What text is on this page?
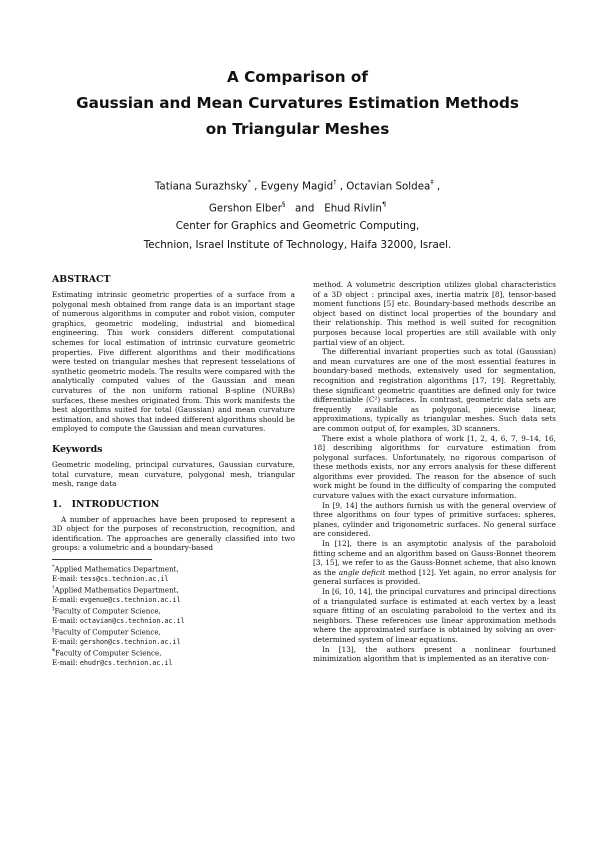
A Comparison of
Gaussian and Mean Curvatures Estimation Methods
on Triangular Meshes
Tatiana Surazhsky* , Evgeny Magid† , Octavian Soldea‡ ,
Gershon Elber§   and   Ehud Rivlin¶
Center for Graphics and Geometric Computing,
Technion, Israel Institute of Technology, Haifa 32000, Israel.
ABSTRACT

Estimating intrinsic geometric properties of a surface from a polygonal mesh obtained from range data is an important stage of numerous algorithms in computer and robot vision, computer graphics, geometric modeling, industrial and biomedical engineering. This work considers different computational schemes for local estimation of intrinsic curvature geometric properties. Five different algorithms and their modifications were tested on triangular meshes that represent tesselations of synthetic geometric models. The results were compared with the analytically computed values of the Gaussian and mean curvatures of the non uniform rational B-spline (NURBs) surfaces, these meshes originated from. This work manifests the best algorithms suited for total (Gaussian) and mean curvature estimation, and shows that indeed different algorithms should be employed to compute the Gaussian and mean curvatures.

Keywords

Geometric modeling, principal curvatures, Gaussian curvature, total curvature, mean curvature, polygonal mesh, triangular mesh, range data

1.   INTRODUCTION

A number of approaches have been proposed to represent a 3D object for the purposes of reconstruction, recognition, and identification. The approaches are generally classified into two groups: a volumetric and a boundary-based

*Applied Mathematics Department,
E-mail: tess@cs.technion.ac.il
†Applied Mathematics Department,
E-mail: evgenue@cs.technion.ac.il
‡Faculty of Computer Science,
E-mail: octavian@cs.technion.ac.il
§Faculty of Computer Science,
E-mail: gershon@cs.technion.ac.il
¶Faculty of Computer Science,
E-mail: ehudr@cs.technion.ac.il

method. A volumetric description utilizes global characteristics of a 3D object : principal axes, inertia matrix [8], tensor-based moment functions [5] etc. Boundary-based methods describe an object based on distinct local properties of the boundary and their relationship. This method is well suited for recognition purposes because local properties are still available with only partial view of an object.

The differential invariant properties such as total (Gaussian) and mean curvatures are one of the most essential features in boundary-based methods, extensively used for segmentation, recognition and registration algorithms [17, 19]. Regrettably, these significant geometric quantities are defined only for twice differentiable (C²) surfaces. In contrast, geometric data sets are frequently available as polygonal, piecewise linear, approximations, typically as triangular meshes. Such data sets are common output of, for examples, 3D scanners.

There exist a whole plathora of work [1, 2, 4, 6, 7, 9–14, 16, 18] describing algorithms for curvature estimation from polygonal surfaces. Unfortunately, no rigorous comparison of these methods exists, nor any errors analysis for these different algorithms ever provided. The reason for the absence of such work might be found in the difficulty of comparing the computed curvature values with the exact curvature information.

In [9, 14] the authors furnish us with the general overview of three algorithms on four types of primitive surfaces: spheres, planes, cylinder and trigonometric surfaces. No general surface are considered.

In [12], there is an asymptotic analysis of the paraboloid fitting scheme and an algorithm based on Gauss-Bonnet theorem [3, 15], we refer to as the Gauss-Bonnet scheme, that also known as the angle deficit method [12]. Yet again, no error analysis for general surfaces is provided.

In [6, 10, 14], the principal curvatures and principal directions of a triangulated surface is estimated at each vertex by a least square fitting of an osculating paraboloid to the vertex and its neighbors. These references use linear approximation methods where the approximated surface is obtained by solving an over-determined system of linear equations.

In [13], the authors present a nonlinear fourtuned minimization algorithm that is implemented as an iterative con-
